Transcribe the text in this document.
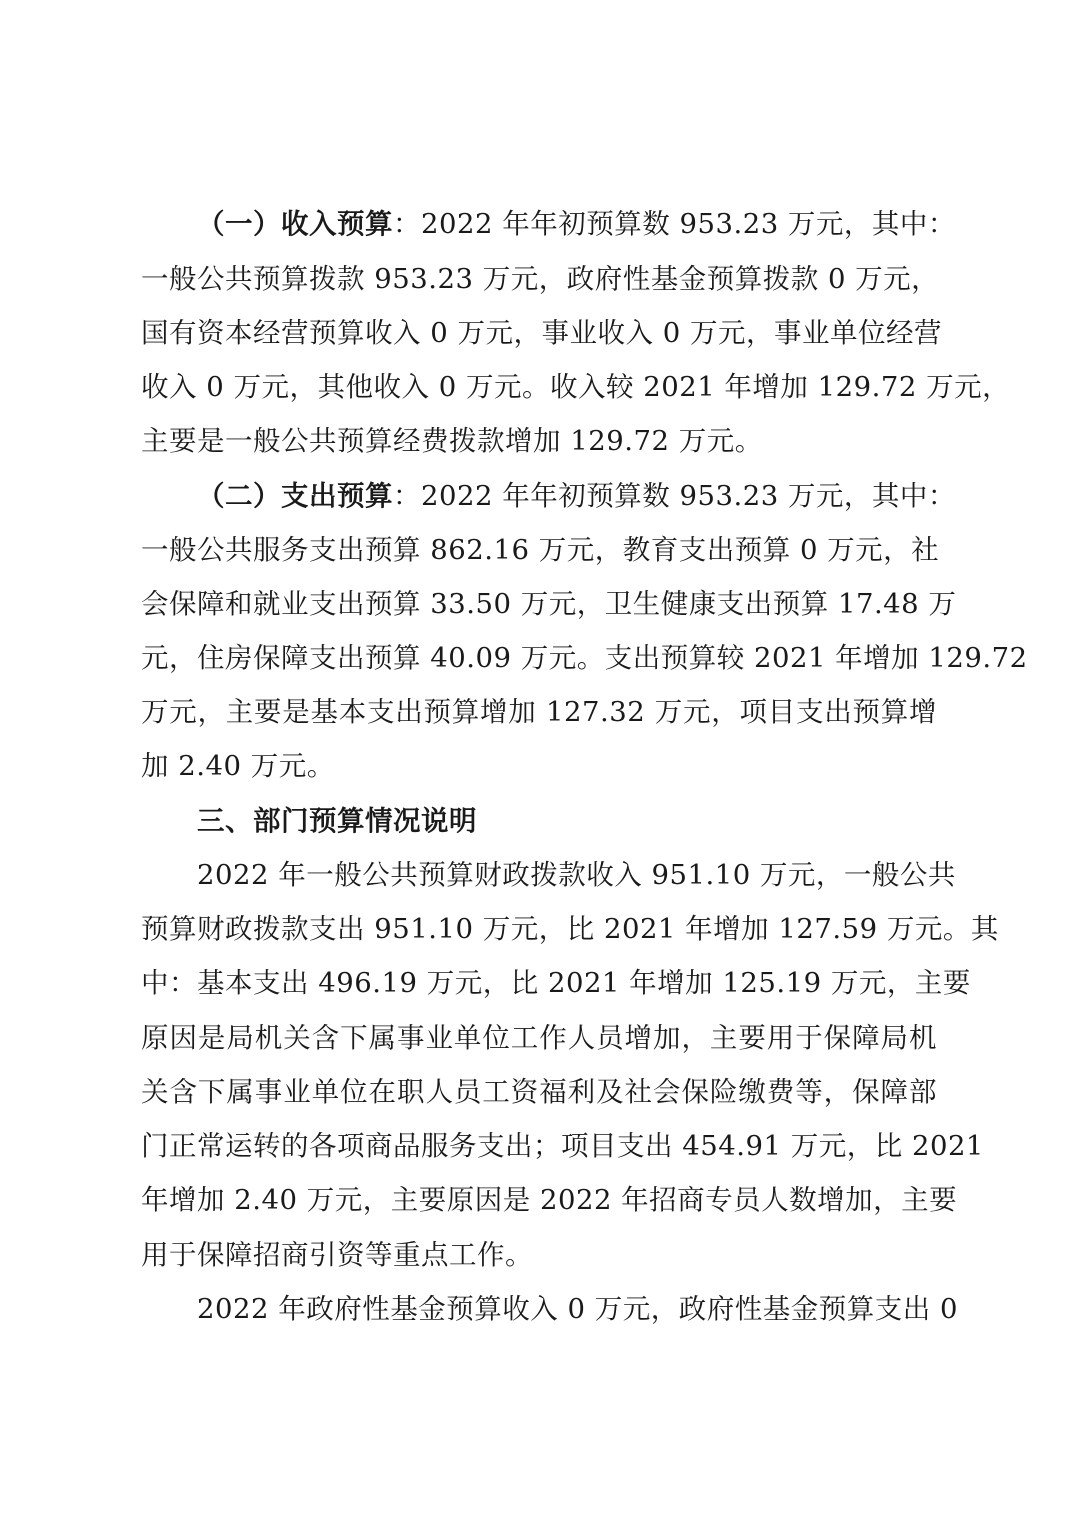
（一）收入预算：2022 年年初预算数 953.23 万元，其中：
一般公共预算拨款 953.23 万元，政府性基金预算拨款 0 万元，
国有资本经营预算收入 0 万元，事业收入 0 万元，事业单位经营
收入 0 万元，其他收入 0 万元。收入较 2021 年增加 129.72 万元，
主要是一般公共预算经费拨款增加 129.72 万元。
（二）支出预算：2022 年年初预算数 953.23 万元，其中：
一般公共服务支出预算 862.16 万元，教育支出预算 0 万元，社
会保障和就业支出预算 33.50 万元，卫生健康支出预算 17.48 万
元，住房保障支出预算 40.09 万元。支出预算较 2021 年增加 129.72
万元，主要是基本支出预算增加 127.32 万元，项目支出预算增
加 2.40 万元。
三、部门预算情况说明
2022 年一般公共预算财政拨款收入 951.10 万元，一般公共
预算财政拨款支出 951.10 万元，比 2021 年增加 127.59 万元。其
中：基本支出 496.19 万元，比 2021 年增加 125.19 万元，主要
原因是局机关含下属事业单位工作人员增加，主要用于保障局机
关含下属事业单位在职人员工资福利及社会保险缴费等，保障部
门正常运转的各项商品服务支出；项目支出 454.91 万元，比 2021
年增加 2.40 万元，主要原因是 2022 年招商专员人数增加，主要
用于保障招商引资等重点工作。
2022 年政府性基金预算收入 0 万元，政府性基金预算支出 0
